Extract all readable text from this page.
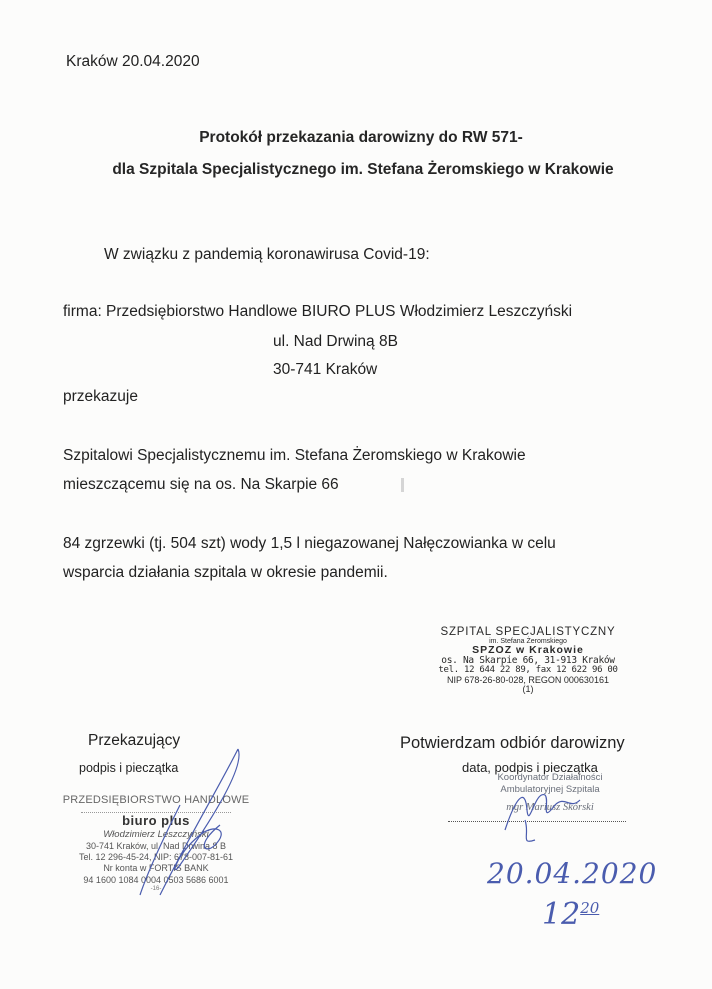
Kraków 20.04.2020
Protokół przekazania darowizny do RW 571-
dla Szpitala Specjalistycznego im. Stefana Żeromskiego w Krakowie
W związku z pandemią koronawirusa Covid-19:
firma: Przedsiębiorstwo Handlowe BIURO PLUS Włodzimierz Leszczyński
ul. Nad Drwiną 8B
30-741 Kraków
przekazuje
Szpitalowi Specjalistycznemu im. Stefana Żeromskiego w Krakowie
mieszczącemu się na os. Na Skarpie 66
84 zgrzewki (tj. 504 szt) wody 1,5 l niegazowanej Nałęczowianka w celu
wsparcia działania szpitala w okresie pandemii.
SZPITAL SPECJALISTYCZNY
im. Stefana Żeromskiego
SPZOZ w Krakowie
os. Na Skarpie 66, 31-913 Kraków
tel. 12 644 22 89, fax 12 622 96 00
NIP 678-26-80-028, REGON 000630161
(1)
Przekazujący
podpis i pieczątka
PRZEDSIĘBIORSTWO HANDLOWE
biuro plus
Włodzimierz Leszczyński
30-741 Kraków, ul. Nad Drwiną 8 B
Tel. 12 296-45-24, NIP: 678-007-81-61
Nr konta w FORTIS BANK
94 1600 1084 0004 0503 5686 6001
-16-
Potwierdzam odbiór darowizny
data, podpis i pieczątka
Koordynator Działalności
Ambulatoryjnej Szpitala
mgr Mariusz Skórski
20.04.2020
$12^{20}$
